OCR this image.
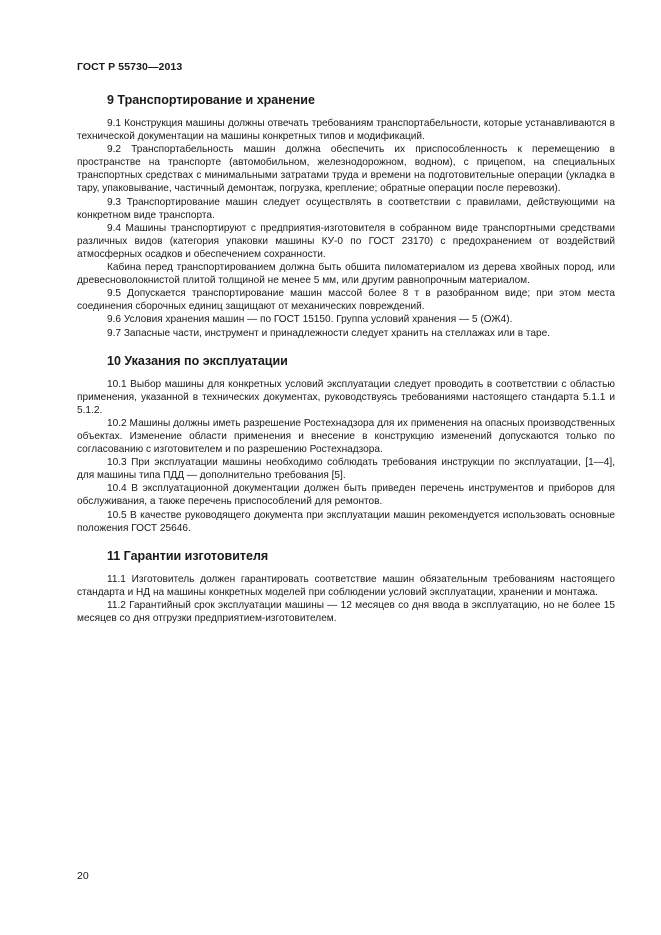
ГОСТ Р 55730—2013
9 Транспортирование и хранение

9.1 Конструкция машины должны отвечать требованиям транспортабельности, которые устанавливаются в технической документации на машины конкретных типов и модификаций.

9.2 Транспортабельность машин должна обеспечить их приспособленность к перемещению в пространстве на транспорте (автомобильном, железнодорожном, водном), с прицепом, на специальных транспортных средствах с минимальными затратами труда и времени на подготовительные операции (укладка в тару, упаковывание, частичный демонтаж, погрузка, крепление; обратные операции после перевозки).

9.3 Транспортирование машин следует осуществлять в соответствии с правилами, действующими на конкретном виде транспорта.

9.4 Машины транспортируют с предприятия-изготовителя в собранном виде транспортными средствами различных видов (категория упаковки машины КУ-0 по ГОСТ 23170) с предохранением от воздействий атмосферных осадков и обеспечением сохранности.

Кабина перед транспортированием должна быть обшита пиломатериалом из дерева хвойных пород, или древесноволокнистой плитой толщиной не менее 5 мм, или другим равнопрочным материалом.

9.5 Допускается транспортирование машин массой более 8 т в разобранном виде; при этом места соединения сборочных единиц защищают от механических повреждений.

9.6 Условия хранения машин — по ГОСТ 15150. Группа условий хранения — 5 (ОЖ4).

9.7 Запасные части, инструмент и принадлежности следует хранить на стеллажах или в таре.

10 Указания по эксплуатации

10.1 Выбор машины для конкретных условий эксплуатации следует проводить в соответствии с областью применения, указанной в технических документах, руководствуясь требованиями настоящего стандарта 5.1.1 и 5.1.2.

10.2 Машины должны иметь разрешение Ростехнадзора для их применения на опасных производственных объектах. Изменение области применения и внесение в конструкцию изменений допускаются только по согласованию с изготовителем и по разрешению Ростехнадзора.

10.3 При эксплуатации машины необходимо соблюдать требования инструкции по эксплуатации, [1—4], для машины типа ПДД — дополнительно требования [5].

10.4 В эксплуатационной документации должен быть приведен перечень инструментов и приборов для обслуживания, а также перечень приспособлений для ремонтов.

10.5 В качестве руководящего документа при эксплуатации машин рекомендуется использовать основные положения ГОСТ 25646.

11 Гарантии изготовителя

11.1 Изготовитель должен гарантировать соответствие машин обязательным требованиям настоящего стандарта и НД на машины конкретных моделей при соблюдении условий эксплуатации, хранении и монтажа.

11.2 Гарантийный срок эксплуатации машины — 12 месяцев со дня ввода в эксплуатацию, но не более 15 месяцев со дня отгрузки предприятием-изготовителем.

20
